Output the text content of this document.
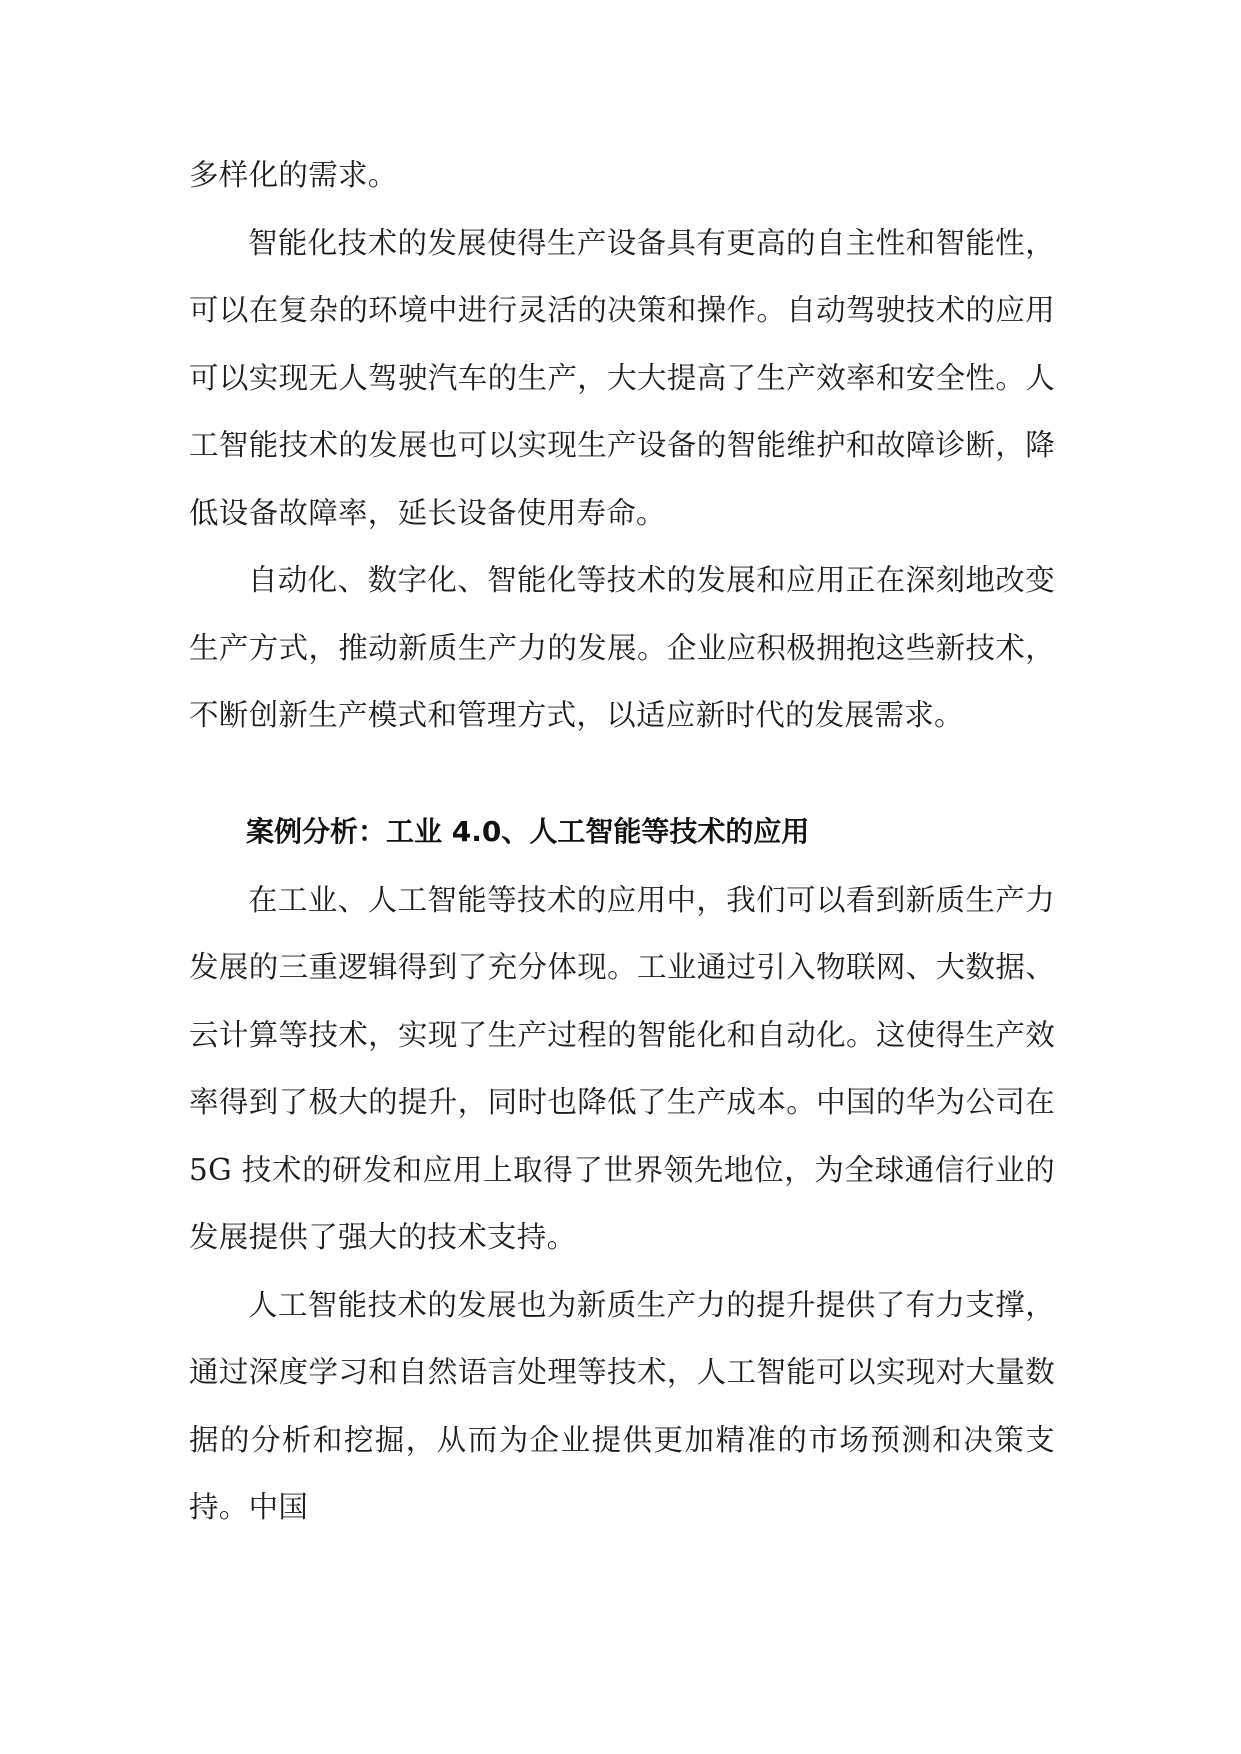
多样化的需求。

智能化技术的发展使得生产设备具有更高的自主性和智能性，可以在复杂的环境中进行灵活的决策和操作。自动驾驶技术的应用可以实现无人驾驶汽车的生产，大大提高了生产效率和安全性。人工智能技术的发展也可以实现生产设备的智能维护和故障诊断，降低设备故障率，延长设备使用寿命。

自动化、数字化、智能化等技术的发展和应用正在深刻地改变生产方式，推动新质生产力的发展。企业应积极拥抱这些新技术，不断创新生产模式和管理方式，以适应新时代的发展需求。

案例分析：工业 4.0、人工智能等技术的应用

在工业、人工智能等技术的应用中，我们可以看到新质生产力发展的三重逻辑得到了充分体现。工业通过引入物联网、大数据、云计算等技术，实现了生产过程的智能化和自动化。这使得生产效率得到了极大的提升，同时也降低了生产成本。中国的华为公司在 5G 技术的研发和应用上取得了世界领先地位，为全球通信行业的发展提供了强大的技术支持。

人工智能技术的发展也为新质生产力的提升提供了有力支撑，通过深度学习和自然语言处理等技术，人工智能可以实现对大量数据的分析和挖掘，从而为企业提供更加精准的市场预测和决策支持。中国
